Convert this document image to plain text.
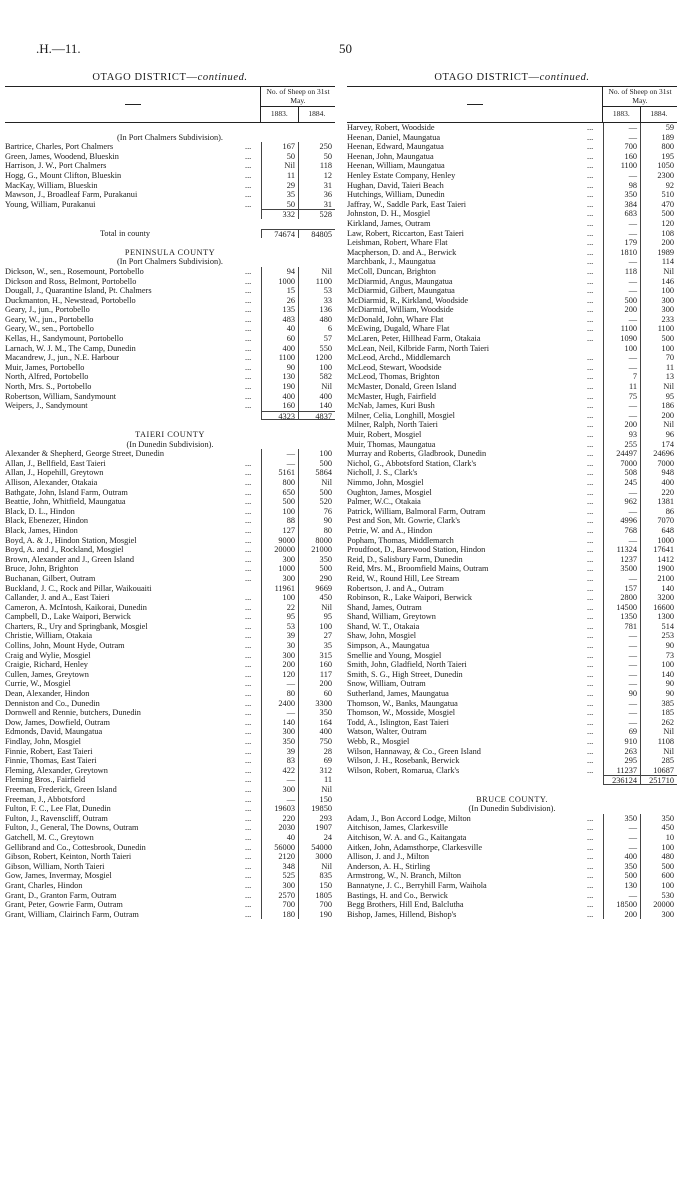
.H.—11.	50
OTAGO DISTRICT—continued.
No. of Sheep on 31st May.
1883.	1884.
(In Port Chalmers Subdivision).
Bartrice, Charles, Port Chalmers	...	167	250
Green, James, Woodend, Blueskin	...	50	50
Harrison, J. W., Port Chalmers	...	Nil	118
Hogg, G., Mount Clifton, Blueskin	...	11	12
MacKay, William, Blueskin	...	29	31
Mawson, J., Broadleaf Farm, Purakanui	...	35	36
Young, William, Purakanui	...	50	31
332	528
Total in county	74674	84805
PENINSULA COUNTY
(In Port Chalmers Subdivision).
Dickson, W., sen., Rosemount, Portobello	...	94	Nil
Dickson and Ross, Belmont, Portobello	...	1000	1100
Dougall, J., Quarantine Island, Pt. Chalmers	...	15	53
Duckmanton, H., Newstead, Portobello	...	26	33
Geary, J., jun., Portobello	...	135	136
Geary, W., jun., Portobello	...	483	480
Geary, W., sen., Portobello	...	40	6
Kellas, H., Sandymount, Portobello	...	60	57
Larnach, W. J. M., The Camp, Dunedin	...	400	550
Macandrew, J., jun., N.E. Harbour	...	1100	1200
Muir, James, Portobello	...	90	100
North, Alfred, Portobello	...	130	582
North, Mrs. S., Portobello	...	190	Nil
Robertson, William, Sandymount	...	400	400
Weipers, J., Sandymount	...	160	140
4323	4837
TAIERI COUNTY
(In Dunedin Subdivision).
Alexander & Shepherd, George Street, Dunedin	—	100
Allan, J., Bellfield, East Taieri	...	—	500
Allan, J., Hopehill, Greytown	...	5161	5864
Allison, Alexander, Otakaia	...	800	Nil
Bathgate, John, Island Farm, Outram	...	650	500
Beattie, John, Whitfield, Maungatua	...	500	520
Black, D. L., Hindon	...	100	76
Black, Ebenezer, Hindon	...	88	90
Black, James, Hindon	...	127	80
Boyd, A. & J., Hindon Station, Mosgiel	...	9000	8000
Boyd, A. and J., Rockland, Mosgiel	...	20000	21000
Brown, Alexander and J., Green Island	...	300	350
Bruce, John, Brighton	...	1000	500
Buchanan, Gilbert, Outram	...	300	290
Buckland, J. C., Rock and Pillar, Waikouaiti	11961	9669
Callander, J. and A., East Taieri	...	100	450
Cameron, A. McIntosh, Kaikorai, Dunedin	...	22	Nil
Campbell, D., Lake Waipori, Berwick	...	95	95
Charters, R., Ury and Springbank, Mosgiel	...	53	100
Christie, William, Otakaia	...	39	27
Collins, John, Mount Hyde, Outram	...	30	35
Craig and Wylie, Mosgiel	...	300	315
Craigie, Richard, Henley	...	200	160
Cullen, James, Greytown	...	120	117
Currie, W., Mosgiel	...	—	200
Dean, Alexander, Hindon	...	80	60
Denniston and Co., Dunedin	...	2400	3300
Dornwell and Rennie, butchers, Dunedin	...	—	350
Dow, James, Dowfield, Outram	...	140	164
Edmonds, David, Maungatua	...	300	400
Findlay, John, Mosgiel	...	350	750
Finnie, Robert, East Taieri	...	39	28
Finnie, Thomas, East Taieri	...	83	69
Fleming, Alexander, Greytown	...	422	312
Fleming Bros., Fairfield	...	—	11
Freeman, Frederick, Green Island	...	300	Nil
Freeman, J., Abbotsford	...	—	150
Fulton, F. C., Lee Flat, Dunedin	...	19603	19850
Fulton, J., Ravenscliff, Outram	...	220	293
Fulton, J., General, The Downs, Outram	...	2030	1907
Gatchell, M. C., Greytown	...	40	24
Gellibrand and Co., Cottesbrook, Dunedin	...	56000	54000
Gibson, Robert, Keinton, North Taieri	...	2120	3000
Gibson, William, North Taieri	...	348	Nil
Gow, James, Invermay, Mosgiel	...	525	835
Grant, Charles, Hindon	...	300	150
Grant, D., Granton Farm, Outram	...	2570	1805
Grant, Peter, Gowrie Farm, Outram	...	700	700
Grant, William, Clairinch Farm, Outram	...	180	190
OTAGO DISTRICT—continued.
No. of Sheep on 31st May.
1883.	1884.
Harvey, Robert, Woodside	...	—	59
Heenan, Daniel, Maungatua	...	—	189
Heenan, Edward, Maungatua	...	700	800
Heenan, John, Maungatua	...	160	195
Heenan, William, Maungatua	...	1100	1050
Henley Estate Company, Henley	...	—	2300
Hughan, David, Taieri Beach	...	98	92
Hutchings, William, Dunedin	...	350	510
Jaffray, W., Saddle Park, East Taieri	...	384	470
Johnston, D. H., Mosgiel	...	683	500
Kirkland, James, Outram	...	—	120
Law, Robert, Riccarton, East Taieri	...	—	108
Leishman, Robert, Whare Flat	...	179	200
Macpherson, D. and A., Berwick	...	1810	1989
Marchbank, J., Maungatua	...	—	114
McColl, Duncan, Brighton	...	118	Nil
McDiarmid, Angus, Maungatua	...	—	146
McDiarmid, Gilbert, Maungatua	...	—	100
McDiarmid, R., Kirkland, Woodside	...	500	300
McDiarmid, William, Woodside	...	200	300
McDonald, John, Whare Flat	...	—	233
McEwing, Dugald, Whare Flat	...	1100	1100
McLaren, Peter, Hillhead Farm, Otakaia	...	1090	500
McLean, Neil, Kilbride Farm, North Taieri	100	100
McLeod, Archd., Middlemarch	...	—	70
McLeod, Stewart, Woodside	...	—	11
McLeod, Thomas, Brighton	...	7	13
McMaster, Donald, Green Island	...	11	Nil
McMaster, Hugh, Fairfield	...	75	95
McNab, James, Kuri Bush	...	—	186
Milner, Celia, Longhill, Mosgiel	...	—	200
Milner, Ralph, North Taieri	...	200	Nil
Muir, Robert, Mosgiel	...	93	96
Muir, Thomas, Maungatua	...	255	174
Murray and Roberts, Gladbrook, Dunedin	...	24497	24696
Nichol, G., Abbotsford Station, Clark's	...	7000	7000
Nicholl, J. S., Clark's	...	508	948
Nimmo, John, Mosgiel	...	245	400
Oughton, James, Mosgiel	...	—	220
Palmer, W.C., Otakaia	...	962	1381
Patrick, William, Balmoral Farm, Outram	...	—	86
Pest and Son, Mt. Gowrie, Clark's	...	4996	7070
Petrie, W. and A., Hindon	...	768	648
Popham, Thomas, Middlemarch	...	—	1000
Proudfoot, D., Barewood Station, Hindon	...	11324	17641
Reid, D., Salisbury Farm, Dunedin	...	1237	1412
Reid, Mrs. M., Broomfield Mains, Outram	...	3500	1900
Reid, W., Round Hill, Lee Stream	...	—	2100
Robertson, J. and A., Outram	...	157	140
Robinson, R., Lake Waipori, Berwick	...	2800	3200
Shand, James, Outram	...	14500	16600
Shand, William, Greytown	...	1350	1300
Shand, W. T., Otakaia	...	781	514
Shaw, John, Mosgiel	...	—	253
Simpson, A., Maungatua	...	—	90
Smellie and Young, Mosgiel	...	—	73
Smith, John, Gladfield, North Taieri	...	—	100
Smith, S. G., High Street, Dunedin	...	—	140
Snow, William, Outram	...	—	90
Sutherland, James, Maungatua	...	90	90
Thomson, W., Banks, Maungatua	...	—	385
Thomson, W., Mosside, Mosgiel	...	—	185
Todd, A., Islington, East Taieri	...	—	262
Watson, Walter, Outram	...	69	Nil
Webb, R., Mosgiel	...	910	1108
Wilson, Hannaway, & Co., Green Island	...	263	Nil
Wilson, J. H., Rosebank, Berwick	...	295	285
Wilson, Robert, Romarua, Clark's	...	11237	10687
236124	251710
BRUCE COUNTY.
(In Dunedin Subdivision).
Adam, J., Bon Accord Lodge, Milton	...	350	350
Aitchison, James, Clarkesville	...	—	450
Aitchison, W. A. and G., Kaitangata	...	—	10
Aitken, John, Adamsthorpe, Clarkesville	...	—	100
Allison, J. and J., Milton	...	400	480
Anderson, A. H., Stirling	...	350	500
Armstrong, W., N. Branch, Milton	...	500	600
Bannatyne, J. C., Berryhill Farm, Waihola	...	130	100
Bastings, H. and Co., Berwick	...	—	530
Begg Brothers, Hill End, Balclutha	...	18500	20000
Bishop, James, Hillend, Bishop's	...	200	300
